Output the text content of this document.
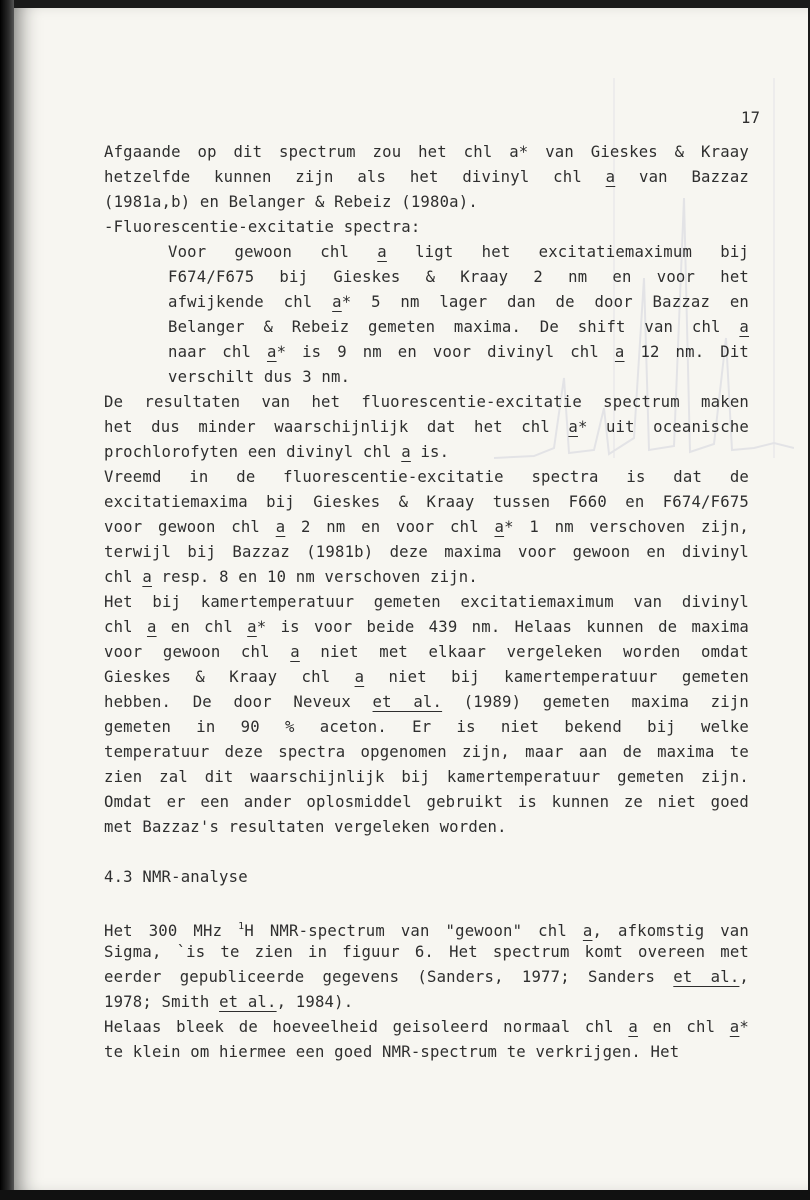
17
Afgaande op dit spectrum zou het chl a* van Gieskes & Kraay
hetzelfde kunnen zijn als het divinyl chl a van Bazzaz
(1981a,b) en Belanger & Rebeiz (1980a).
-Fluorescentie-excitatie spectra:
Voor gewoon chl a ligt het excitatiemaximum bij
F674/F675 bij Gieskes & Kraay 2 nm en voor het
afwijkende chl a* 5 nm lager dan de door Bazzaz en
Belanger & Rebeiz gemeten maxima. De shift van chl a
naar chl a* is 9 nm en voor divinyl chl a 12 nm. Dit
verschilt dus 3 nm.
De resultaten van het fluorescentie-excitatie spectrum maken
het dus minder waarschijnlijk dat het chl a* uit oceanische
prochlorofyten een divinyl chl a is.
Vreemd in de fluorescentie-excitatie spectra is dat de
excitatiemaxima bij Gieskes & Kraay tussen F660 en F674/F675
voor gewoon chl a 2 nm en voor chl a* 1 nm verschoven zijn,
terwijl bij Bazzaz (1981b) deze maxima voor gewoon en divinyl
chl a resp. 8 en 10 nm verschoven zijn.
Het bij kamertemperatuur gemeten excitatiemaximum van divinyl
chl a en chl a* is voor beide 439 nm. Helaas kunnen de maxima
voor gewoon chl a niet met elkaar vergeleken worden omdat
Gieskes & Kraay chl a niet bij kamertemperatuur gemeten
hebben. De door Neveux et al. (1989) gemeten maxima zijn
gemeten in 90 % aceton. Er is niet bekend bij welke
temperatuur deze spectra opgenomen zijn, maar aan de maxima te
zien zal dit waarschijnlijk bij kamertemperatuur gemeten zijn.
Omdat er een ander oplosmiddel gebruikt is kunnen ze niet goed
met Bazzaz's resultaten vergeleken worden.
4.3 NMR-analyse
Het 300 MHz $^1$H NMR-spectrum van "gewoon" chl a, afkomstig van
Sigma, `is te zien in figuur 6. Het spectrum komt overeen met
eerder gepubliceerde gegevens (Sanders, 1977; Sanders et al.,
1978; Smith et al., 1984).
Helaas bleek de hoeveelheid geisoleerd normaal chl a en chl a*
te klein om hiermee een goed NMR-spectrum te verkrijgen. Het
